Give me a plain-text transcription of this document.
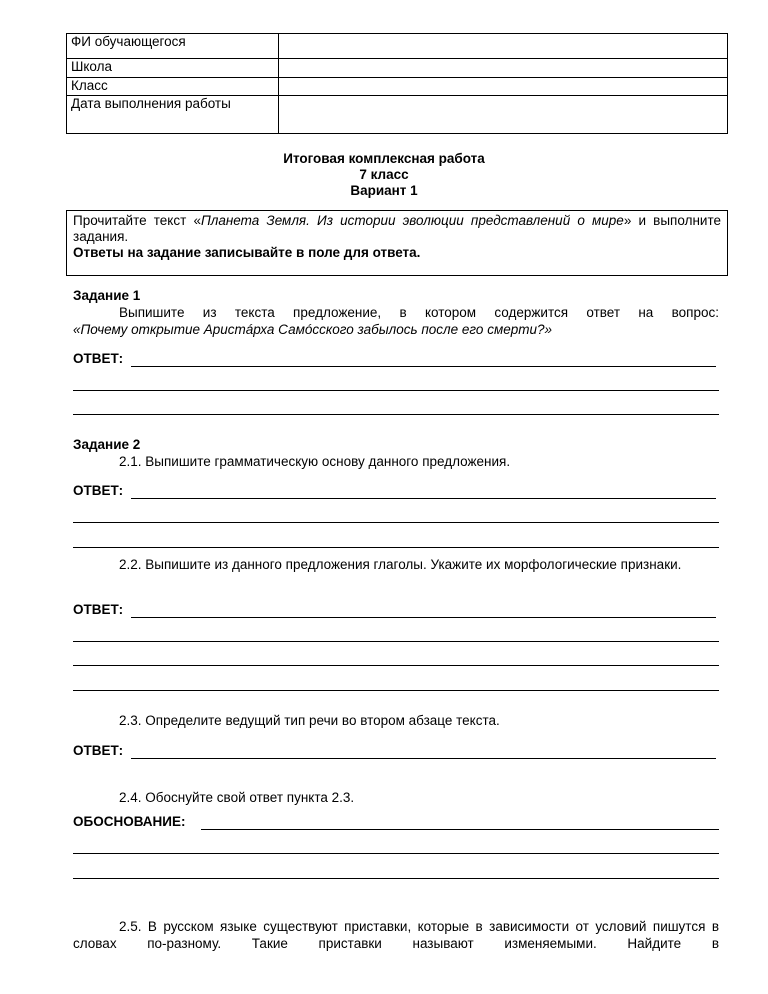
ФИ обучающегося	
Школа	
Класс	
Дата выполнения работы	
Итоговая комплексная работа
7 класс
Вариант 1
Прочитайте текст «Планета Земля. Из истории эволюции представлений о мире» и выполните задания.
Ответы на задание записывайте в поле для ответа.
Задание 1
Выпишите из текста предложение, в котором содержится ответ на вопрос:
«Почему открытие Аристáрха Самóсского забылось после его смерти?»
ОТВЕТ:
Задание 2
2.1. Выпишите грамматическую основу данного предложения.
ОТВЕТ:
2.2. Выпишите из данного предложения глаголы. Укажите их морфологические признаки.
ОТВЕТ:
2.3. Определите ведущий тип речи во втором абзаце текста.
ОТВЕТ:
2.4. Обоснуйте свой ответ пункта 2.3.
ОБОСНОВАНИЕ:
2.5. В русском языке существуют приставки, которые в зависимости от условий пишутся в словах по-разному. Такие приставки называют изменяемыми. Найдите в
